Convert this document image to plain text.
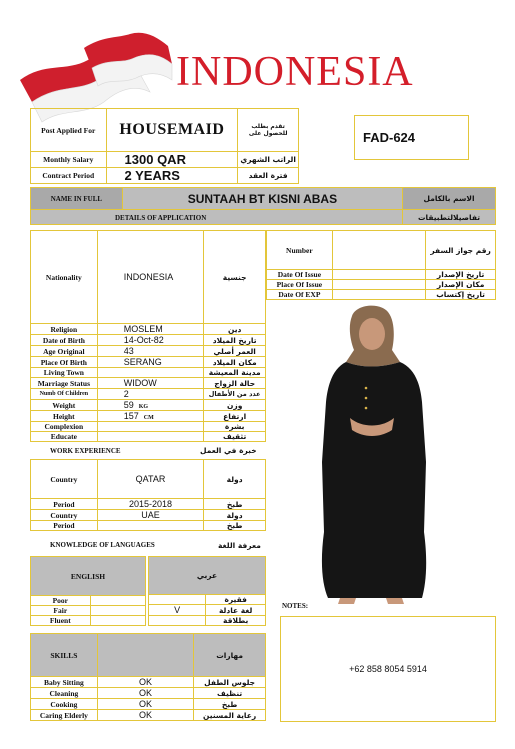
INDONESIA
Post Applied For	HOUSEMAID	تقدم بطلب للحصول على
Monthly Salary	1300 QAR	الراتب الشهري
Contract Period	2 YEARS	فترة العقد
FAD-624
NAME IN FULL	SUNTAAH BT KISNI ABAS	الاسم بالكامل
DETAILS OF APPLICATION		تفاصيلالتطبيقات
Nationality	INDONESIA	جنسية
Religion	MOSLEM	دين
Date of Birth	14-Oct-82	تاريخ الميلاد
Age Original	43	العمر أصلي
Place Of Birth	SERANG	مكان الميلاد
Living Town		مدينة المعيشة
Marriage Status	WIDOW	حالة الزواج
Numb Of Children	2	عدد من الأطفال
Weight	59 KG	وزن
Height	157 CM	ارتفاع
Complexion		بشرة
Educate		تثقيف
Number		رقم جواز السفر
Date Of Issue		تاريخ الإصدار
Place Of Issue		مكان الإصدار
Date Of EXP		تاريخ إكتساب
WORK EXPERIENCE	خبرة في العمل
Country	QATAR	دولة
Period	2015-2018	طبخ
Country	UAE	دولة
Period		طبخ
KNOWLEDGE OF LANGUAGES	معرفة اللغة
ENGLISH	
Poor	
Fair	
Fluent	
عربي	
	فقيرة
V	لغة عادلة
	بطلاقة
SKILLS		مهارات
Baby Sitting	OK	جلوس الطفل
Cleaning	OK	تنظيف
Cooking	OK	طبخ
Caring Elderly	OK	رعاية المسنين
NOTES:
+62 858 8054 5914
